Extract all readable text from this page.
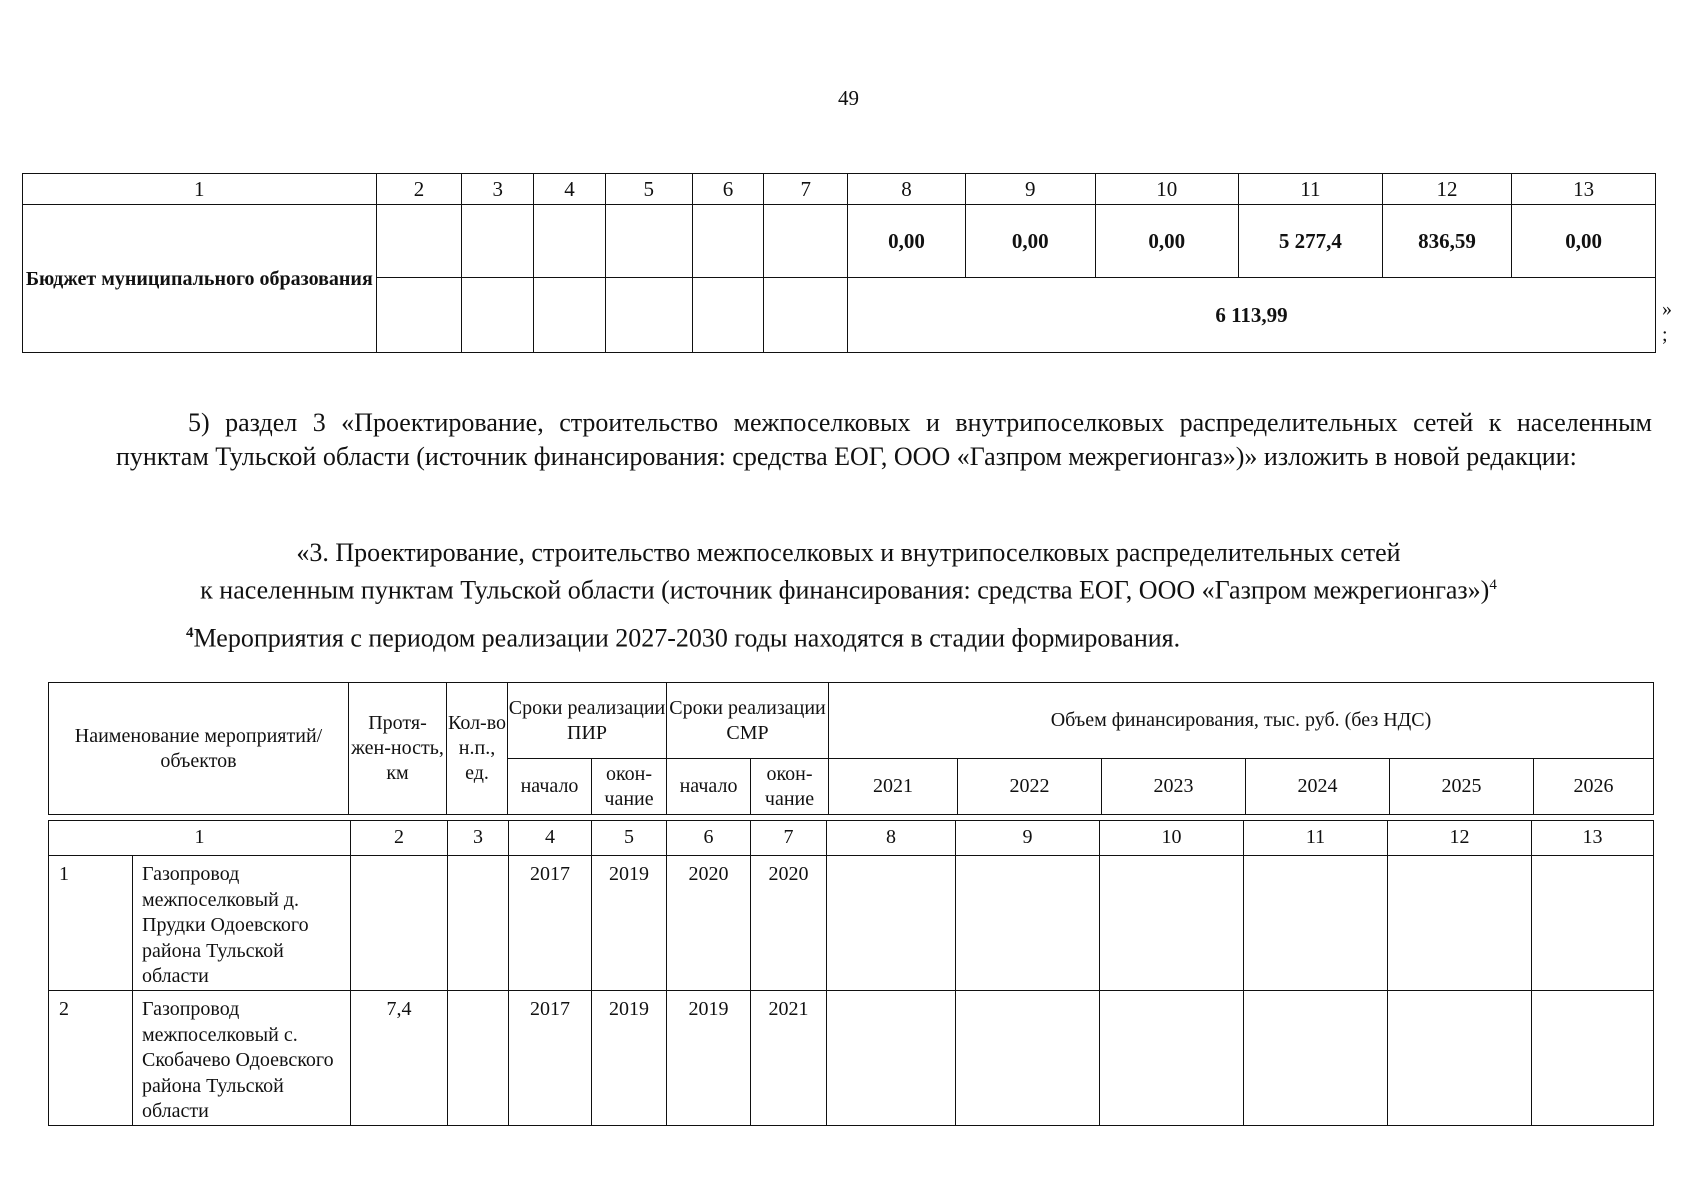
49
1	2	3	4	5	6	7	8	9	10	11	12	13
Бюджет муниципального образования							0,00	0,00	0,00	5 277,4	836,59	0,00
							6 113,99						»
;
5) раздел 3 «Проектирование, строительство межпоселковых и внутрипоселковых распределительных сетей к населенным пунктам Тульской области (источник финансирования: средства ЕОГ, ООО «Газпром межрегионгаз»)» изложить в новой редакции:
«3. Проектирование, строительство межпоселковых и внутрипоселковых распределительных сетей
к населенным пунктам Тульской области (источник финансирования: средства ЕОГ, ООО «Газпром межрегионгаз»)$^4$
$^4$Мероприятия с периодом реализации 2027-2030 годы находятся в стадии формирования.
Наименование мероприятий/ объектов	Протя-жен-ность, км	Кол-во н.п., ед.	Сроки реализации ПИР		Сроки реализации СМР		Объем финансирования, тыс. руб. (без НДС)					
			начало	окон-чание	начало	окон-чание	2021	2022	2023	2024	2025	2026
1		2	3	4	5	6	7	8	9	10	11	12	13
1	Газопровод межпоселковый д. Прудки Одоевского района Тульской области			2017	2019	2020	2020						
2	Газопровод межпоселковый с. Скобачево Одоевского района Тульской области	7,4		2017	2019	2019	2021						
